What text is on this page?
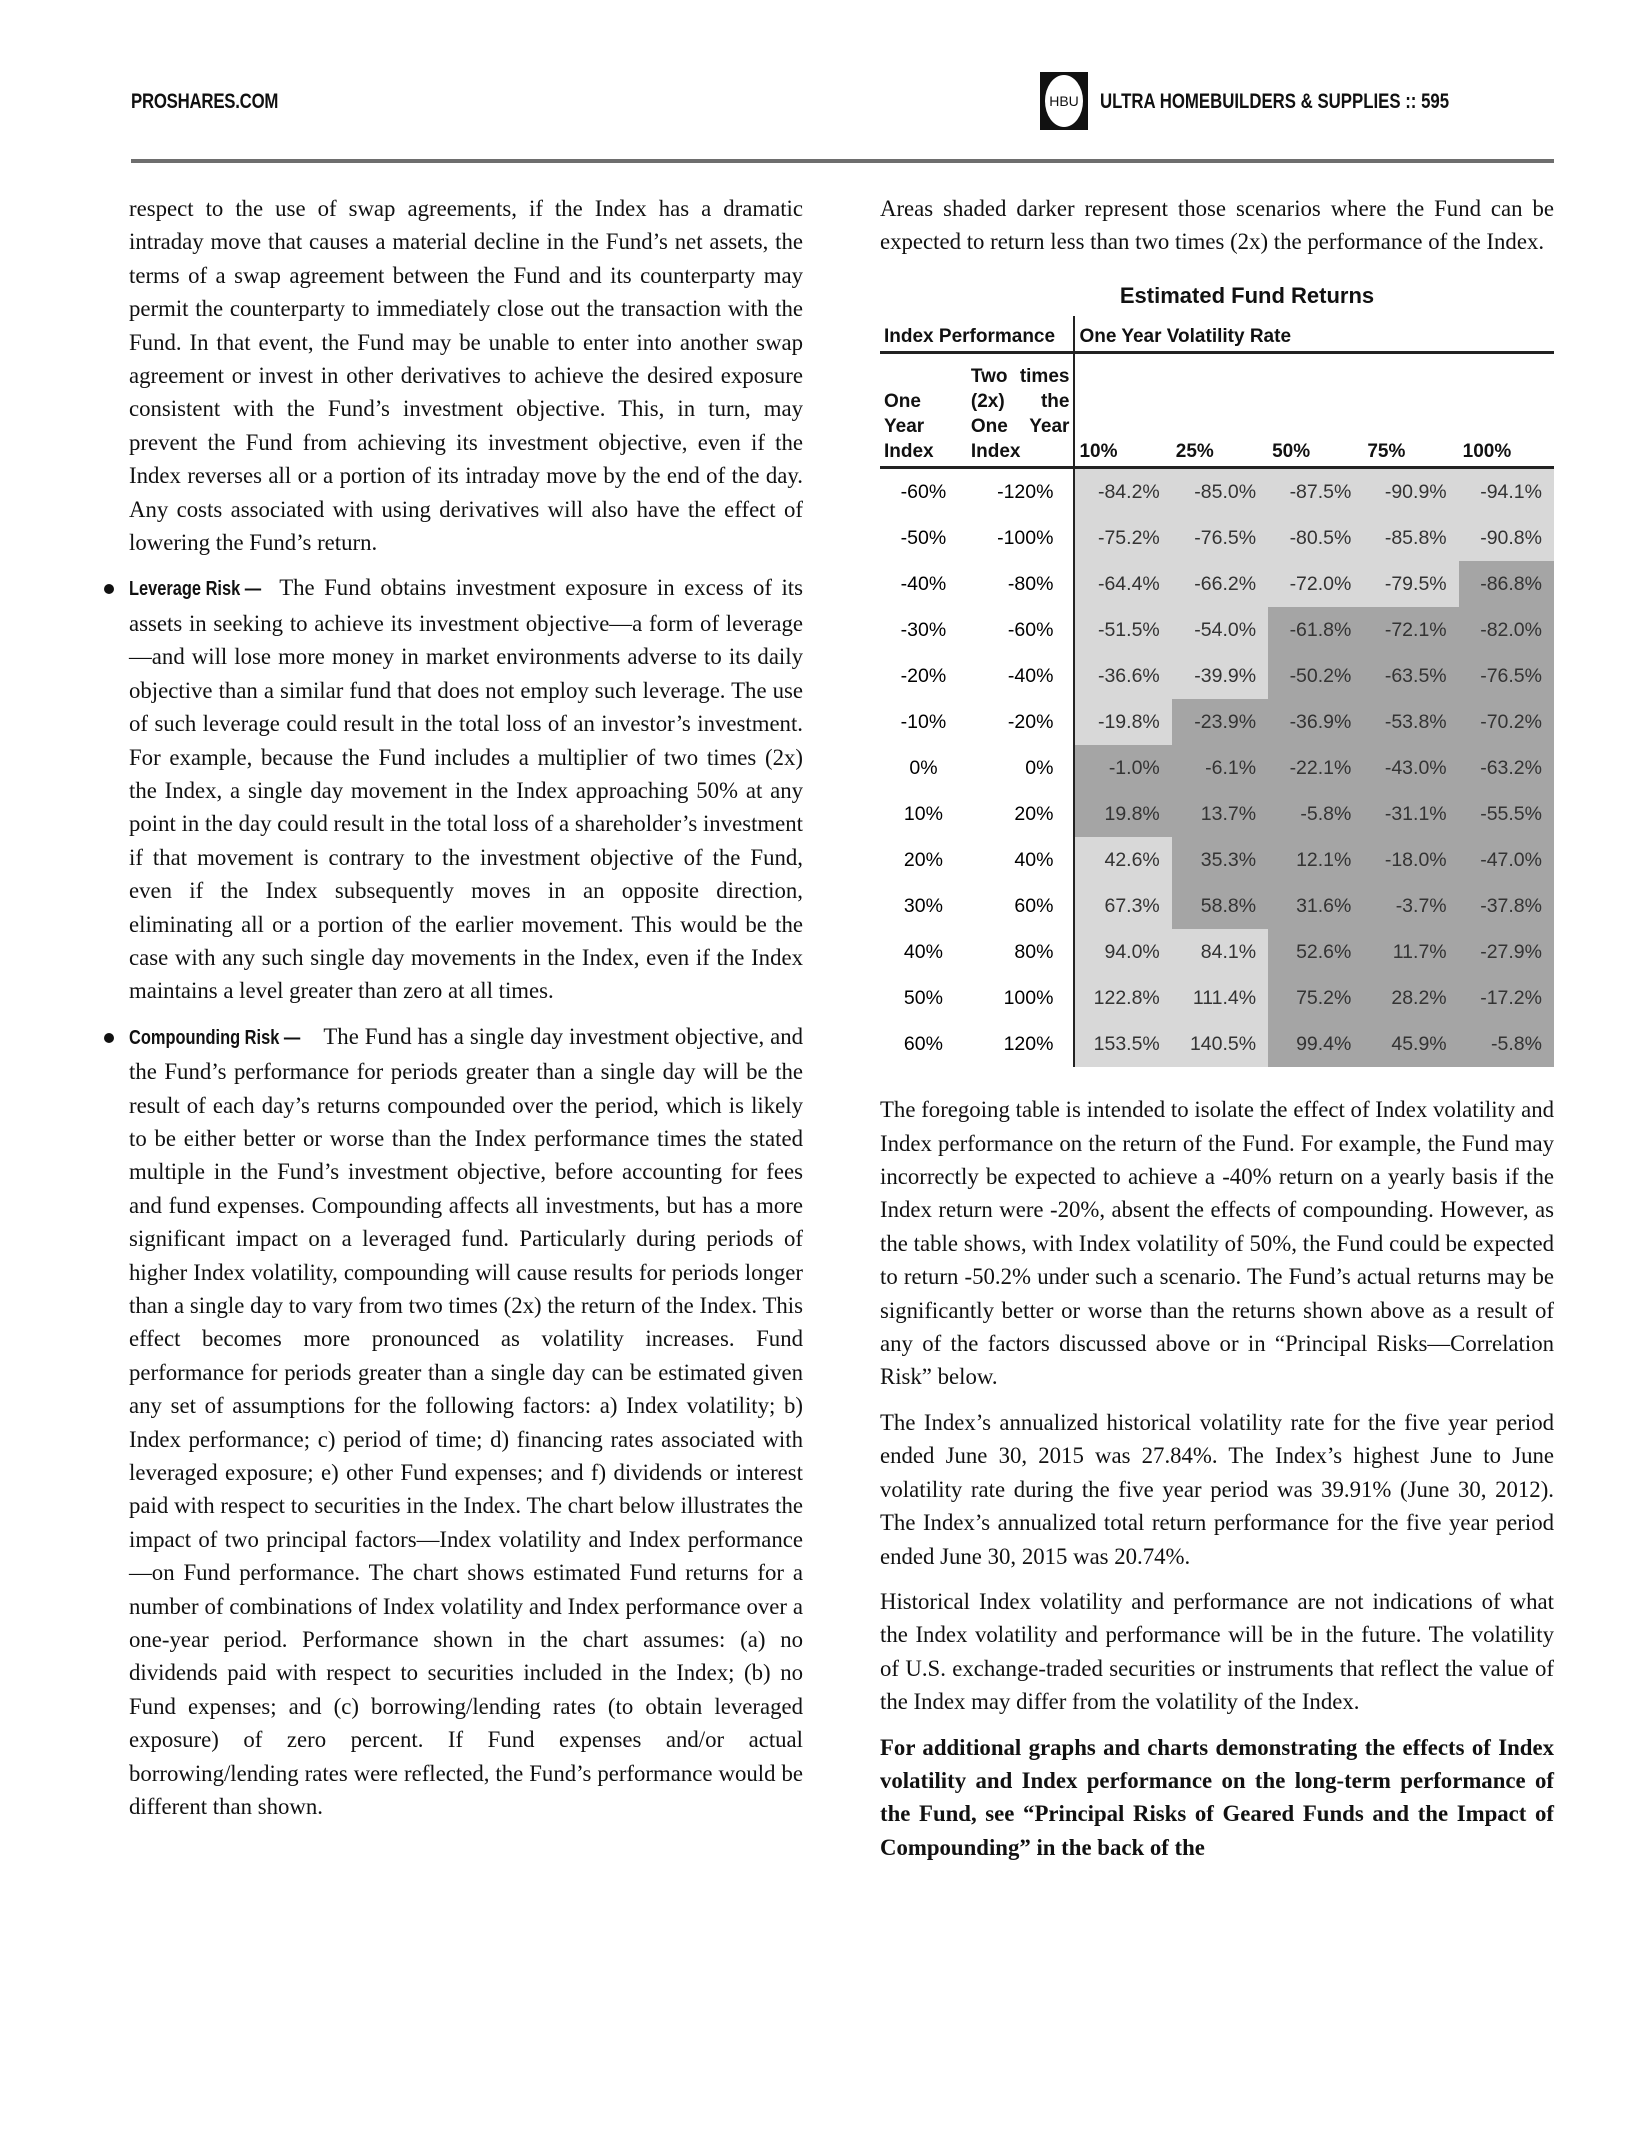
PROSHARES.COM	HBU ULTRA HOMEBUILDERS & SUPPLIES :: 595

respect to the use of swap agreements, if the Index has a dramatic intraday move that causes a material decline in the Fund’s net assets, the terms of a swap agreement between the Fund and its counterparty may permit the counterparty to immediately close out the transaction with the Fund. In that event, the Fund may be unable to enter into another swap agreement or invest in other derivatives to achieve the desired exposure consistent with the Fund’s investment objective. This, in turn, may prevent the Fund from achieving its investment objective, even if the Index reverses all or a portion of its intraday move by the end of the day. Any costs associated with using derivatives will also have the effect of lowering the Fund’s return.

Leverage Risk — The Fund obtains investment exposure in excess of its assets in seeking to achieve its investment objective—a form of leverage—and will lose more money in market environments adverse to its daily objective than a similar fund that does not employ such leverage. The use of such leverage could result in the total loss of an investor’s investment. For example, because the Fund includes a multiplier of two times (2x) the Index, a single day movement in the Index approaching 50% at any point in the day could result in the total loss of a shareholder’s investment if that movement is contrary to the investment objective of the Fund, even if the Index subsequently moves in an opposite direction, eliminating all or a portion of the earlier movement. This would be the case with any such single day movements in the Index, even if the Index maintains a level greater than zero at all times.

Compounding Risk — The Fund has a single day investment objective, and the Fund’s performance for periods greater than a single day will be the result of each day’s returns compounded over the period, which is likely to be either better or worse than the Index performance times the stated multiple in the Fund’s investment objective, before accounting for fees and fund expenses. Compounding affects all investments, but has a more significant impact on a leveraged fund. Particularly during periods of higher Index volatility, compounding will cause results for periods longer than a single day to vary from two times (2x) the return of the Index. This effect becomes more pronounced as volatility increases. Fund performance for periods greater than a single day can be estimated given any set of assumptions for the following factors: a) Index volatility; b) Index performance; c) period of time; d) financing rates associated with leveraged exposure; e) other Fund expenses; and f) dividends or interest paid with respect to securities in the Index. The chart below illustrates the impact of two principal factors—Index volatility and Index performance—on Fund performance. The chart shows estimated Fund returns for a number of combinations of Index volatility and Index performance over a one-year period. Performance shown in the chart assumes: (a) no dividends paid with respect to securities included in the Index; (b) no Fund expenses; and (c) borrowing/lending rates (to obtain leveraged exposure) of zero percent. If Fund expenses and/or actual borrowing/lending rates were reflected, the Fund’s performance would be different than shown.

Areas shaded darker represent those scenarios where the Fund can be expected to return less than two times (2x) the performance of the Index.

Estimated Fund Returns
Index Performance		One Year Volatility Rate				
One Year Index	Two times (2x) the One Year Index	10%	25%	50%	75%	100%
-60%	-120%	-84.2%	-85.0%	-87.5%	-90.9%	-94.1%
-50%	-100%	-75.2%	-76.5%	-80.5%	-85.8%	-90.8%
-40%	-80%	-64.4%	-66.2%	-72.0%	-79.5%	-86.8%
-30%	-60%	-51.5%	-54.0%	-61.8%	-72.1%	-82.0%
-20%	-40%	-36.6%	-39.9%	-50.2%	-63.5%	-76.5%
-10%	-20%	-19.8%	-23.9%	-36.9%	-53.8%	-70.2%
0%	0%	-1.0%	-6.1%	-22.1%	-43.0%	-63.2%
10%	20%	19.8%	13.7%	-5.8%	-31.1%	-55.5%
20%	40%	42.6%	35.3%	12.1%	-18.0%	-47.0%
30%	60%	67.3%	58.8%	31.6%	-3.7%	-37.8%
40%	80%	94.0%	84.1%	52.6%	11.7%	-27.9%
50%	100%	122.8%	111.4%	75.2%	28.2%	-17.2%
60%	120%	153.5%	140.5%	99.4%	45.9%	-5.8%

The foregoing table is intended to isolate the effect of Index volatility and Index performance on the return of the Fund. For example, the Fund may incorrectly be expected to achieve a -40% return on a yearly basis if the Index return were -20%, absent the effects of compounding. However, as the table shows, with Index volatility of 50%, the Fund could be expected to return -50.2% under such a scenario. The Fund’s actual returns may be significantly better or worse than the returns shown above as a result of any of the factors discussed above or in “Principal Risks—Correlation Risk” below.

The Index’s annualized historical volatility rate for the five year period ended June 30, 2015 was 27.84%. The Index’s highest June to June volatility rate during the five year period was 39.91% (June 30, 2012). The Index’s annualized total return performance for the five year period ended June 30, 2015 was 20.74%.

Historical Index volatility and performance are not indications of what the Index volatility and performance will be in the future. The volatility of U.S. exchange-traded securities or instruments that reflect the value of the Index may differ from the volatility of the Index.

For additional graphs and charts demonstrating the effects of Index volatility and Index performance on the long-term performance of the Fund, see “Principal Risks of Geared Funds and the Impact of Compounding” in the back of the
